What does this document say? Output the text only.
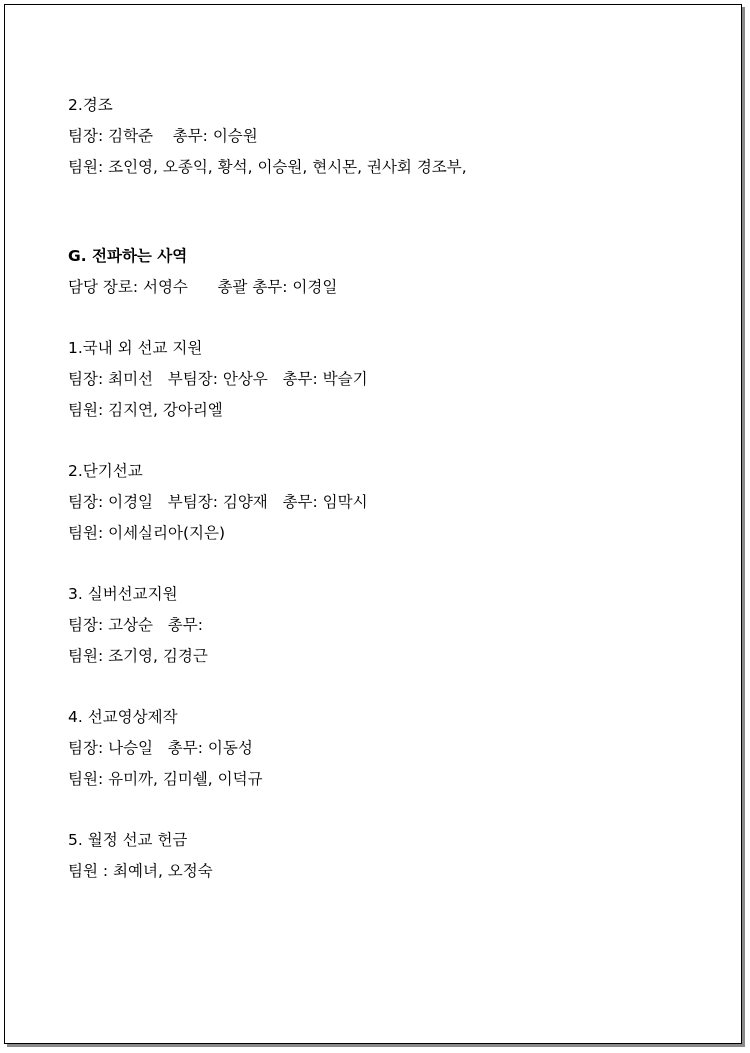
2.경조
팀장: 김학준    총무: 이승원
팀원: 조인영, 오종익, 황석, 이승원, 현시몬, 권사회 경조부,
G. 전파하는 사역
담당 장로: 서영수      총괄 총무: 이경일
1.국내 외 선교 지원
팀장: 최미선   부팀장: 안상우   총무: 박슬기
팀원: 김지연, 강아리엘
2.단기선교
팀장: 이경일   부팀장: 김양재   총무: 임막시
팀원: 이세실리아(지은)
3. 실버선교지원
팀장: 고상순   총무:
팀원: 조기영, 김경근
4. 선교영상제작
팀장: 나승일   총무: 이동성
팀원: 유미까, 김미쉘, 이덕규
5. 월정 선교 헌금
팀원 : 최예녀, 오정숙
